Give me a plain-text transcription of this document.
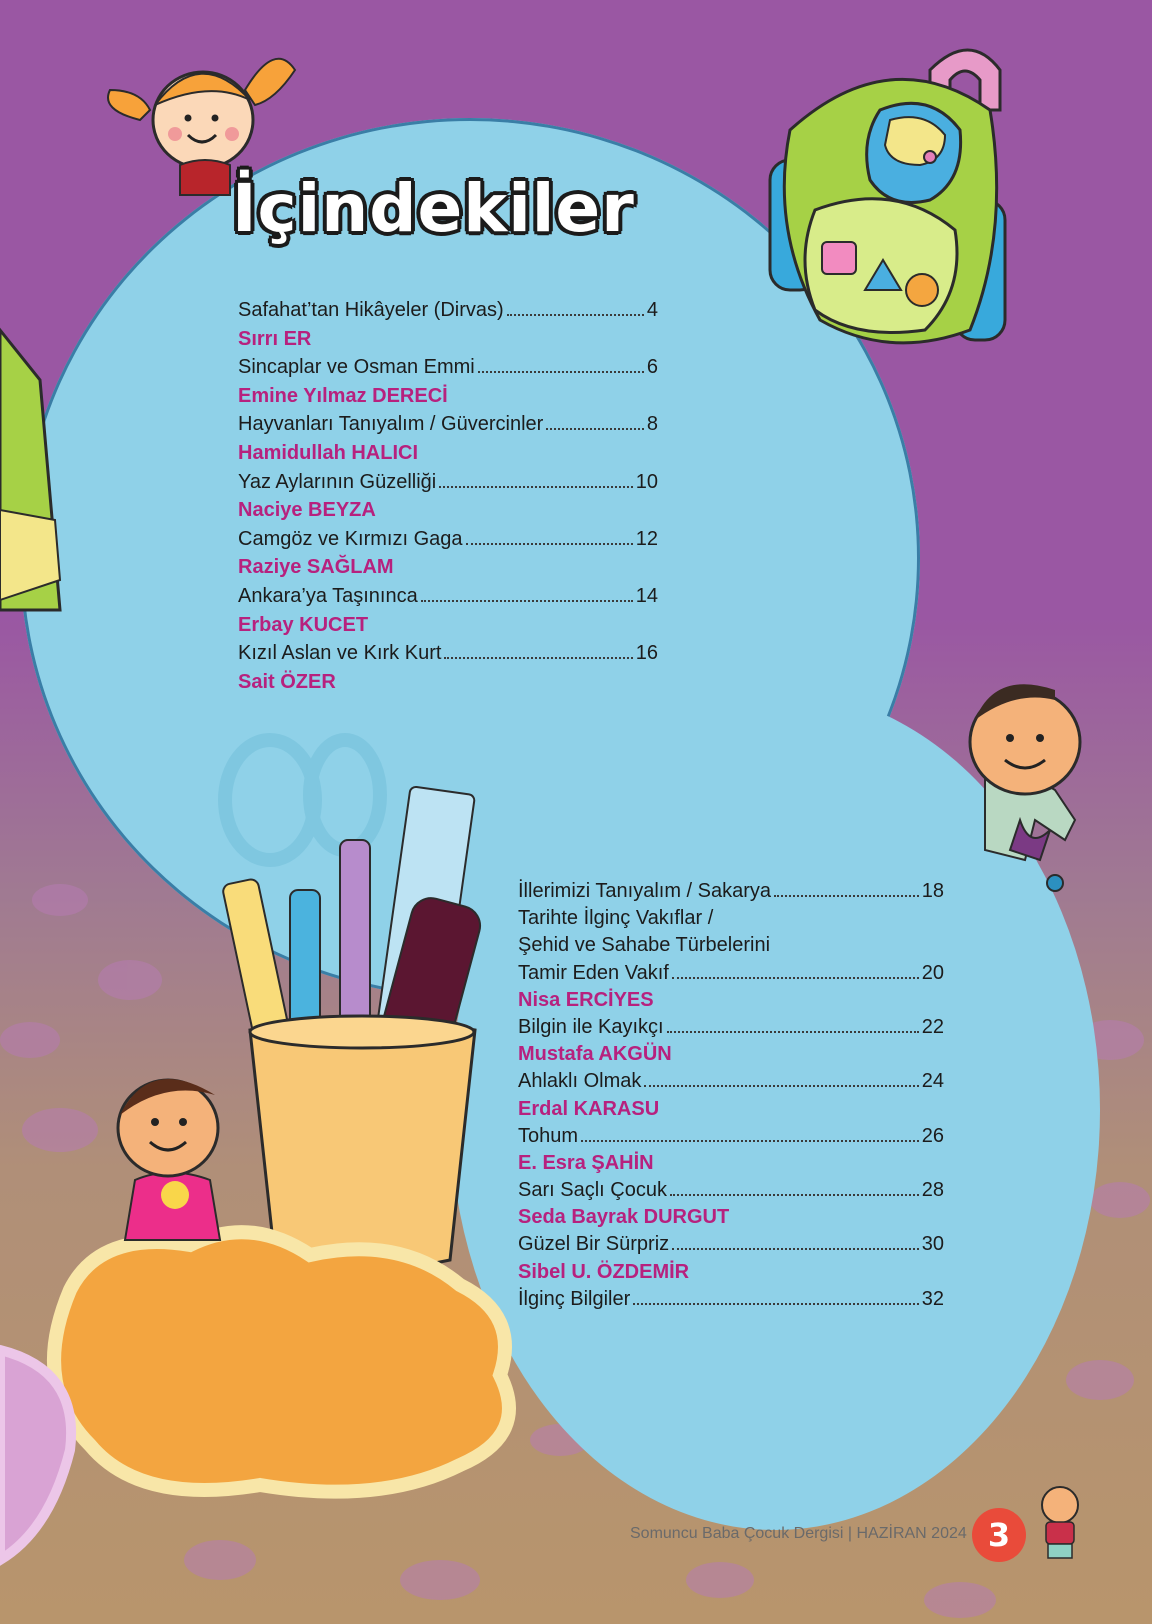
İçindekiler
Safahat’tan Hikâyeler (Dirvas)	4
Sırrı ER
Sincaplar ve Osman Emmi	6
Emine Yılmaz DERECİ
Hayvanları Tanıyalım / Güvercinler	8
Hamidullah HALICI
Yaz Aylarının Güzelliği	10
Naciye BEYZA
Camgöz ve Kırmızı Gaga	12
Raziye SAĞLAM
Ankara’ya Taşınınca	14
Erbay KUCET
Kızıl Aslan ve Kırk Kurt	16
Sait ÖZER
İllerimizi Tanıyalım / Sakarya	18
Tarihte İlginç Vakıflar /
Şehid ve Sahabe Türbelerini
Tamir Eden Vakıf	20
Nisa ERCİYES
Bilgin ile Kayıkçı	22
Mustafa AKGÜN
Ahlaklı Olmak	24
Erdal KARASU
Tohum	26
E. Esra ŞAHİN
Sarı Saçlı Çocuk	28
Seda Bayrak DURGUT
Güzel Bir Sürpriz	30
Sibel U. ÖZDEMİR
İlginç Bilgiler	32
Somuncu Baba Çocuk Dergisi | HAZİRAN 2024 3
